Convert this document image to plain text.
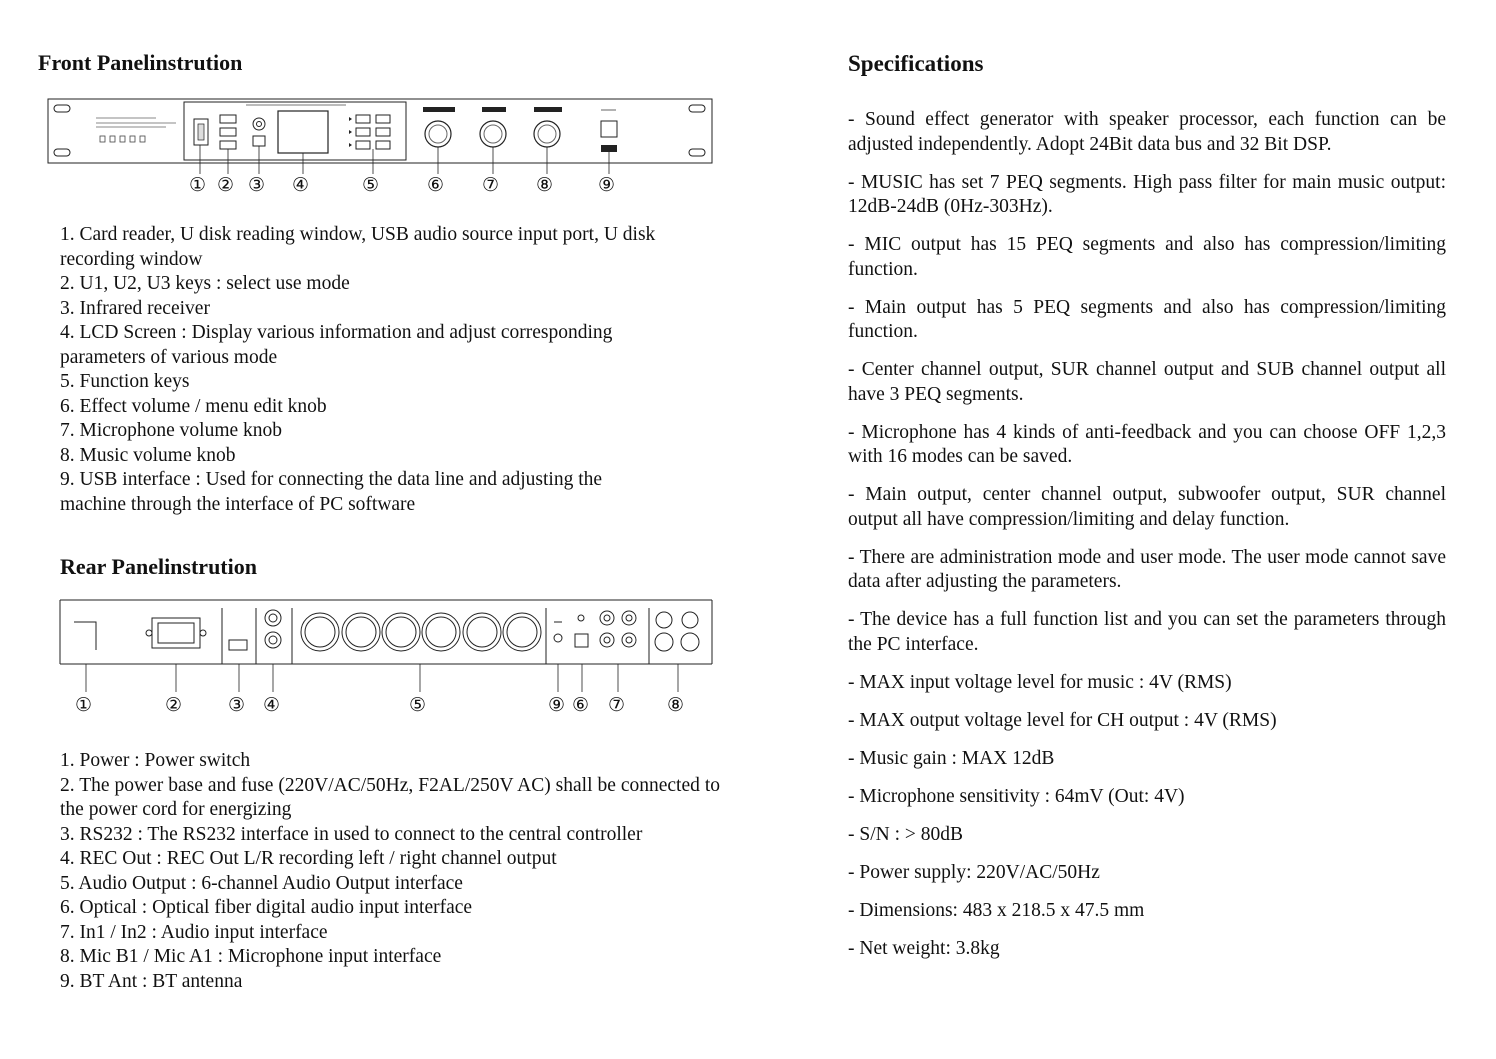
Front Panelinstrution
① ② ③ ④	⑤	⑥ ⑦ ⑧ ⑨
1. Card reader, U disk reading window, USB audio source input port, U disk recording window
2. U1, U2, U3 keys : select use mode
3. Infrared receiver
4. LCD Screen : Display various information and adjust corresponding parameters of various mode
5. Function keys
6. Effect volume / menu edit knob
7. Microphone volume knob
8. Music volume knob
9. USB interface : Used for connecting the data line and adjusting the machine through the interface of PC software
Rear Panelinstrution
①	② ③ ④	⑤	⑨ ⑥ ⑦ ⑧
1. Power : Power switch
2. The power base and fuse (220V/AC/50Hz, F2AL/250V AC) shall be connected to the power cord for energizing
3. RS232 : The RS232 interface in used to connect to the central controller
4. REC Out : REC Out L/R recording left / right channel output
5. Audio Output : 6-channel Audio Output interface
6. Optical : Optical fiber digital audio input interface
7. In1 / In2 : Audio input interface
8. Mic B1 / Mic A1 : Microphone input interface
9. BT Ant : BT antenna
Specifications
- Sound effect generator with speaker processor, each function can be adjusted independently. Adopt 24Bit data bus and 32 Bit DSP.
- MUSIC has set 7 PEQ segments. High pass filter for main music output: 12dB-24dB (0Hz-303Hz).
- MIC output has 15 PEQ segments and also has compression/limiting function.
- Main output has 5 PEQ segments and also has compression/limiting function.
- Center channel output, SUR channel output and SUB channel output all have 3 PEQ segments.
- Microphone has 4 kinds of anti-feedback and you can choose OFF 1,2,3 with 16 modes can be saved.
- Main output, center channel output, subwoofer output, SUR channel output all have compression/limiting and delay function.
- There are administration mode and user mode. The user mode cannot save data after adjusting the parameters.
- The device has a full function list and you can set the parameters through the PC interface.
- MAX input voltage level for music : 4V (RMS)
- MAX output voltage level for CH output : 4V (RMS)
- Music gain : MAX 12dB
- Microphone sensitivity : 64mV (Out: 4V)
- S/N : > 80dB
- Power supply: 220V/AC/50Hz
- Dimensions: 483 x 218.5 x 47.5 mm
- Net weight: 3.8kg
